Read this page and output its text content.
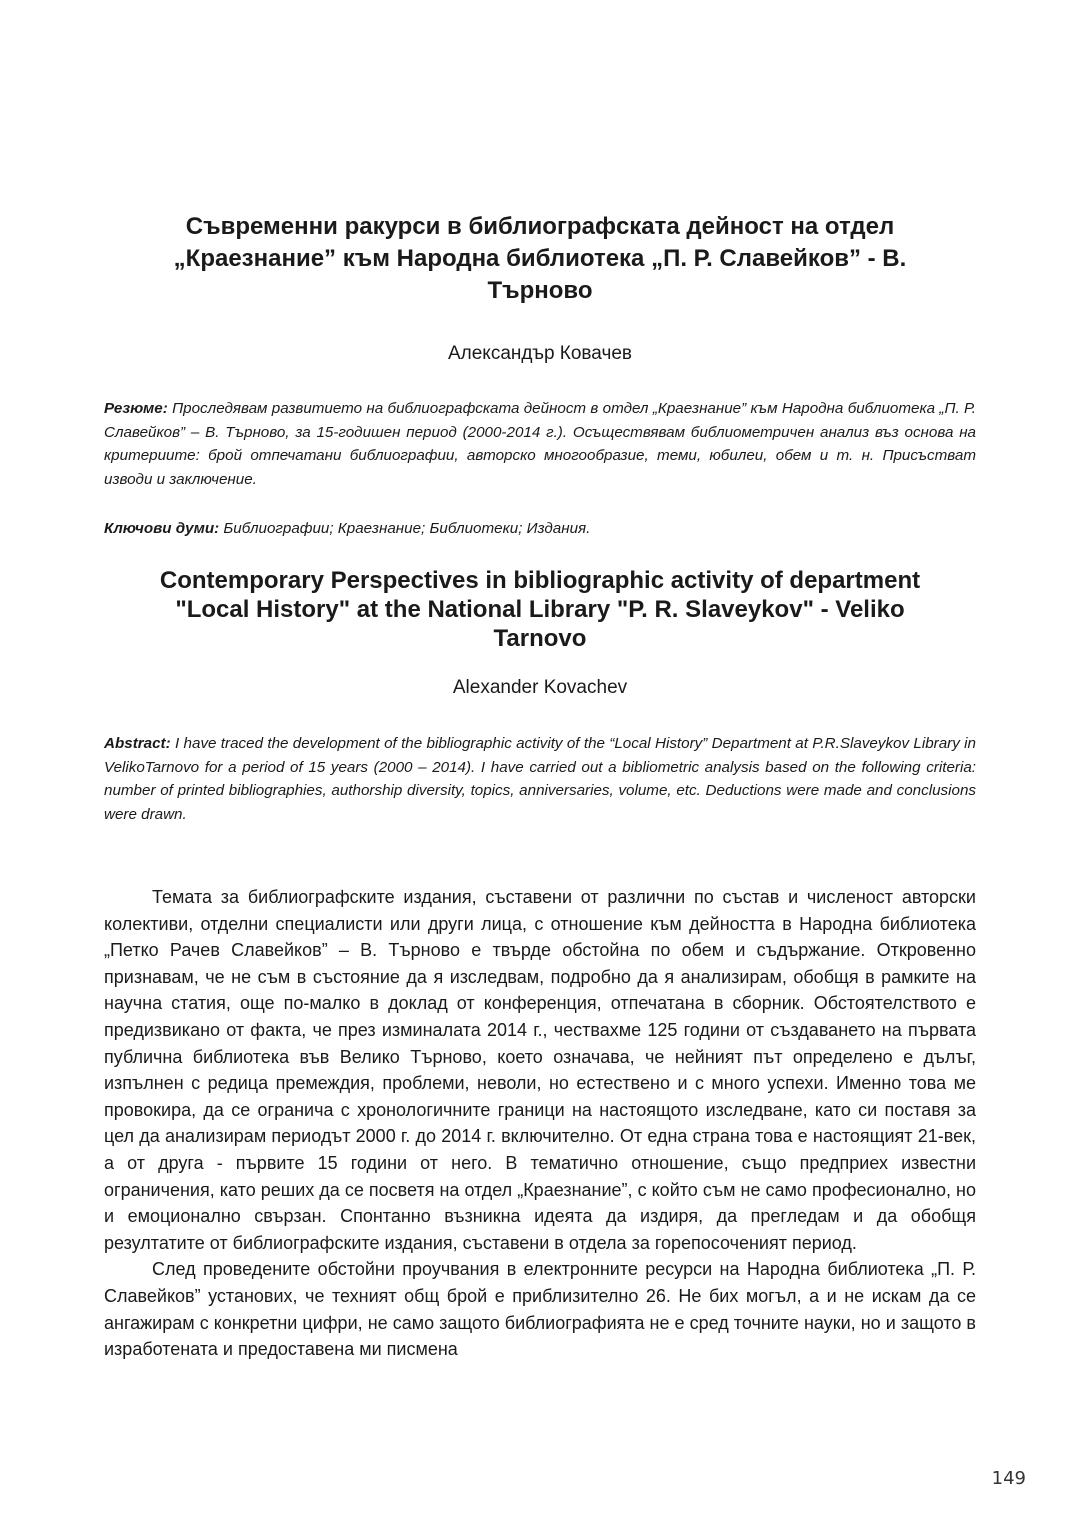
Съвременни ракурси в библиографската дейност на отдел
„Краезнание” към Народна библиотека „П. Р. Славейков” - В.
Търново

Александър Ковачев

Резюме: Проследявам развитието на библиографската дейност в отдел „Краезнание” към Народна библиотека „П. Р. Славейков” – В. Търново, за 15-годишен период (2000-2014 г.). Осъществявам библиометричен анализ въз основа на критериите: брой отпечатани библиографии, авторско многообразие, теми, юбилеи, обем и т. н. Присъстват изводи и заключение.

Ключови думи: Библиографии; Краезнание; Библиотеки; Издания.

Contemporary Perspectives in bibliographic activity of department
"Local History" at the National Library "P. R. Slaveykov" - Veliko
Tarnovo

Alexander Kovachev

Abstract: I have traced the development of the bibliographic activity of the “Local History” Department at P.R.Slaveykov Library in VelikoTarnovo for a period of 15 years (2000 – 2014). I have carried out a bibliometric analysis based on the following criteria: number of printed bibliographies, authorship diversity, topics, anniversaries, volume, etc. Deductions were made and conclusions were drawn.

Темата за библиографските издания, съставени от различни по състав и численост авторски колективи, отделни специалисти или други лица, с отношение към дейността в Народна библиотека „Петко Рачев Славейков” – В. Търново е твърде обстойна по обем и съдържание. Откровенно признавам, че не съм в състояние да я изследвам, подробно да я анализирам, обобщя в рамките на научна статия, още по-малко в доклад от конференция, отпечатана в сборник. Обстоятелството е предизвикано от факта, че през изминалата 2014 г., чествахме 125 години от създаването на първата публична библиотека във Велико Търново, което означава, че нейният път определено е дълъг, изпълнен с редица премеждия, проблеми, неволи, но естествено и с много успехи. Именно това ме провокира, да се огранича с хронологичните граници на настоящото изследване, като си поставя за цел да анализирам периодът 2000 г. до 2014 г. включително. От една страна това е настоящият 21-век, а от друга - първите 15 години от него. В тематично отношение, също предприех известни ограничения, като реших да се посветя на отдел „Краезнание”, с който съм не само професионално, но и емоционално свързан. Спонтанно възникна идеята да издиря, да прегледам и да обобщя резултатите от библиографските издания, съставени в отдела за горепосоченият период.

След проведените обстойни проучвания в електронните ресурси на Народна библиотека „П. Р. Славейков” установих, че техният общ брой е приблизително 26. Не бих могъл, а и не искам да се ангажирам с конкретни цифри, не само защото библиографията не е сред точните науки, но и защото в изработената и предоставена ми писмена

149
